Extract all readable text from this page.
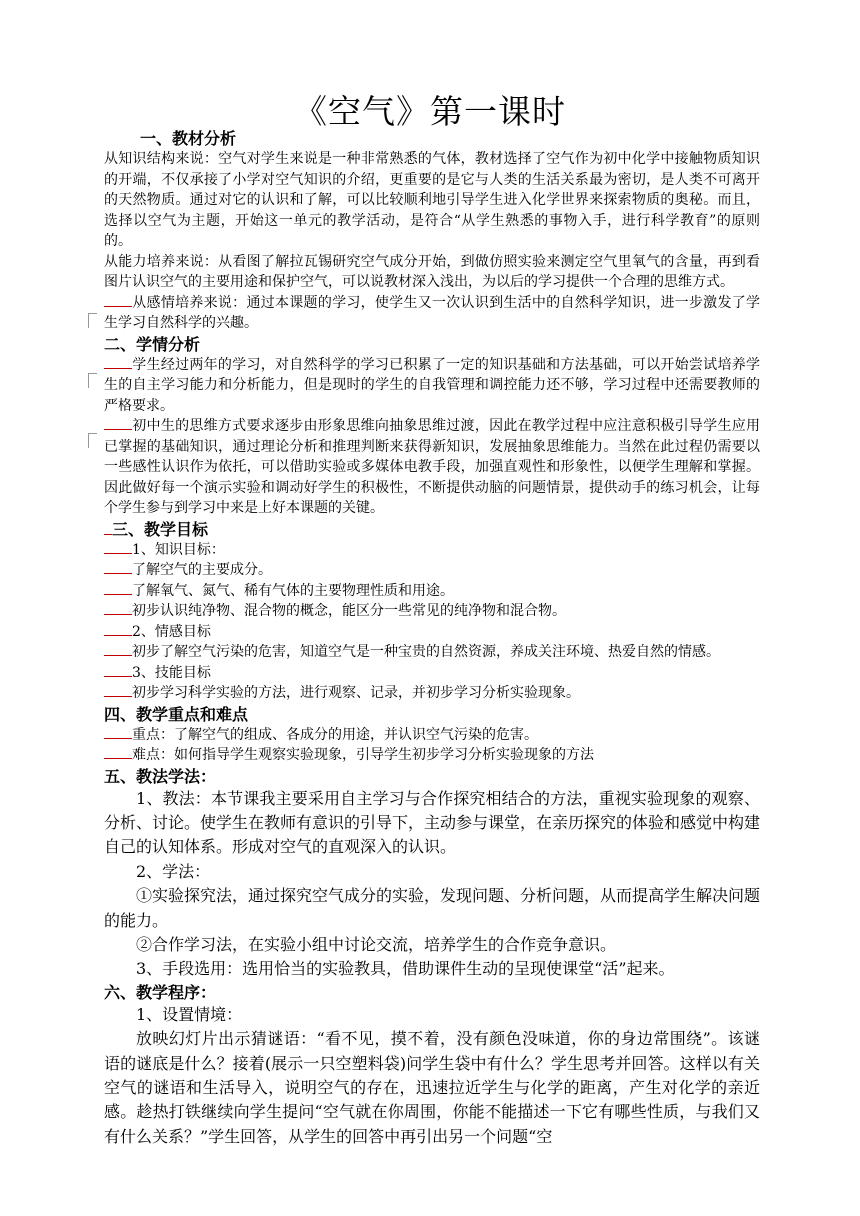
《空气》第一课时
一、教材分析

从知识结构来说：空气对学生来说是一种非常熟悉的气体，教材选择了空气作为初中化学中接触物质知识的开端，不仅承接了小学对空气知识的介绍，更重要的是它与人类的生活关系最为密切，是人类不可离开的天然物质。通过对它的认识和了解，可以比较顺利地引导学生进入化学世界来探索物质的奥秘。而且，选择以空气为主题，开始这一单元的教学活动，是符合“从学生熟悉的事物入手，进行科学教育”的原则的。

从能力培养来说：从看图了解拉瓦锡研究空气成分开始，到做仿照实验来测定空气里氧气的含量，再到看图片认识空气的主要用途和保护空气，可以说教材深入浅出，为以后的学习提供一个合理的思维方式。

从感情培养来说：通过本课题的学习，使学生又一次认识到生活中的自然科学知识，进一步激发了学生学习自然科学的兴趣。

二、学情分析

学生经过两年的学习，对自然科学的学习已积累了一定的知识基础和方法基础，可以开始尝试培养学生的自主学习能力和分析能力，但是现时的学生的自我管理和调控能力还不够，学习过程中还需要教师的严格要求。

初中生的思维方式要求逐步由形象思维向抽象思维过渡，因此在教学过程中应注意积极引导学生应用已掌握的基础知识，通过理论分析和推理判断来获得新知识，发展抽象思维能力。当然在此过程仍需要以一些感性认识作为依托，可以借助实验或多媒体电教手段，加强直观性和形象性，以便学生理解和掌握。因此做好每一个演示实验和调动好学生的积极性，不断提供动脑的问题情景，提供动手的练习机会，让每个学生参与到学习中来是上好本课题的关键。

三、教学目标

1、知识目标：

了解空气的主要成分。

了解氧气、氮气、稀有气体的主要物理性质和用途。

初步认识纯净物、混合物的概念，能区分一些常见的纯净物和混合物。

2、情感目标

初步了解空气污染的危害，知道空气是一种宝贵的自然资源，养成关注环境、热爱自然的情感。

3、技能目标

初步学习科学实验的方法，进行观察、记录，并初步学习分析实验现象。

四、教学重点和难点

重点：了解空气的组成、各成分的用途，并认识空气污染的危害。

难点：如何指导学生观察实验现象，引导学生初步学习分析实验现象的方法

五、教法学法：

1、教法：本节课我主要采用自主学习与合作探究相结合的方法，重视实验现象的观察、分析、讨论。使学生在教师有意识的引导下，主动参与课堂，在亲历探究的体验和感觉中构建自己的认知体系。形成对空气的直观深入的认识。

2、学法：

①实验探究法，通过探究空气成分的实验，发现问题、分析问题，从而提高学生解决问题的能力。

②合作学习法，在实验小组中讨论交流，培养学生的合作竞争意识。

3、手段选用：选用恰当的实验教具，借助课件生动的呈现使课堂“活”起来。

六、教学程序：

1、设置情境：

放映幻灯片出示猜谜语：“看不见，摸不着，没有颜色没味道，你的身边常围绕”。该谜语的谜底是什么？接着(展示一只空塑料袋)问学生袋中有什么？学生思考并回答。这样以有关空气的谜语和生活导入，说明空气的存在，迅速拉近学生与化学的距离，产生对化学的亲近感。趁热打铁继续向学生提问“空气就在你周围，你能不能描述一下它有哪些性质，与我们又有什么关系？”学生回答，从学生的回答中再引出另一个问题“空
